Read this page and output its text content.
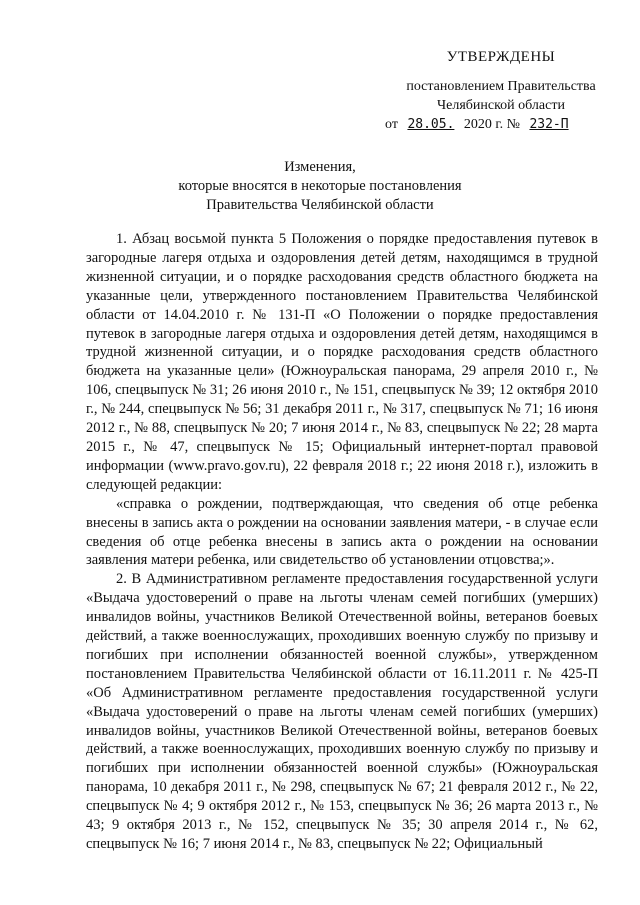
УТВЕРЖДЕНЫ
постановлением Правительства
Челябинской области
от 28.05. 2020 г. № 232-П
Изменения,
которые вносятся в некоторые постановления
Правительства Челябинской области

1. Абзац восьмой пункта 5 Положения о порядке предоставления путевок в загородные лагеря отдыха и оздоровления детей детям, находящимся в трудной жизненной ситуации, и о порядке расходования средств областного бюджета на указанные цели, утвержденного постановлением Правительства Челябинской области от 14.04.2010 г. № 131-П «О Положении о порядке предоставления путевок в загородные лагеря отдыха и оздоровления детей детям, находящимся в трудной жизненной ситуации, и о порядке расходования средств областного бюджета на указанные цели» (Южноуральская панорама, 29 апреля 2010 г., № 106, спецвыпуск № 31; 26 июня 2010 г., № 151, спецвыпуск № 39; 12 октября 2010 г., № 244, спецвыпуск № 56; 31 декабря 2011 г., № 317, спецвыпуск № 71; 16 июня 2012 г., № 88, спецвыпуск № 20; 7 июня 2014 г., № 83, спецвыпуск № 22; 28 марта 2015 г., № 47, спецвыпуск № 15; Официальный интернет-портал правовой информации (www.pravo.gov.ru), 22 февраля 2018 г.; 22 июня 2018 г.), изложить в следующей редакции:

«справка о рождении, подтверждающая, что сведения об отце ребенка внесены в запись акта о рождении на основании заявления матери, - в случае если сведения об отце ребенка внесены в запись акта о рождении на основании заявления матери ребенка, или свидетельство об установлении отцовства;».

2. В Административном регламенте предоставления государственной услуги «Выдача удостоверений о праве на льготы членам семей погибших (умерших) инвалидов войны, участников Великой Отечественной войны, ветеранов боевых действий, а также военнослужащих, проходивших военную службу по призыву и погибших при исполнении обязанностей военной службы», утвержденном постановлением Правительства Челябинской области от 16.11.2011 г. № 425-П «Об Административном регламенте предоставления государственной услуги «Выдача удостоверений о праве на льготы членам семей погибших (умерших) инвалидов войны, участников Великой Отечественной войны, ветеранов боевых действий, а также военнослужащих, проходивших военную службу по призыву и погибших при исполнении обязанностей военной службы» (Южноуральская панорама, 10 декабря 2011 г., № 298, спецвыпуск № 67; 21 февраля 2012 г., № 22, спецвыпуск № 4; 9 октября 2012 г., № 153, спецвыпуск № 36; 26 марта 2013 г., № 43; 9 октября 2013 г., № 152, спецвыпуск № 35; 30 апреля 2014 г., № 62, спецвыпуск № 16; 7 июня 2014 г., № 83, спецвыпуск № 22; Официальный
